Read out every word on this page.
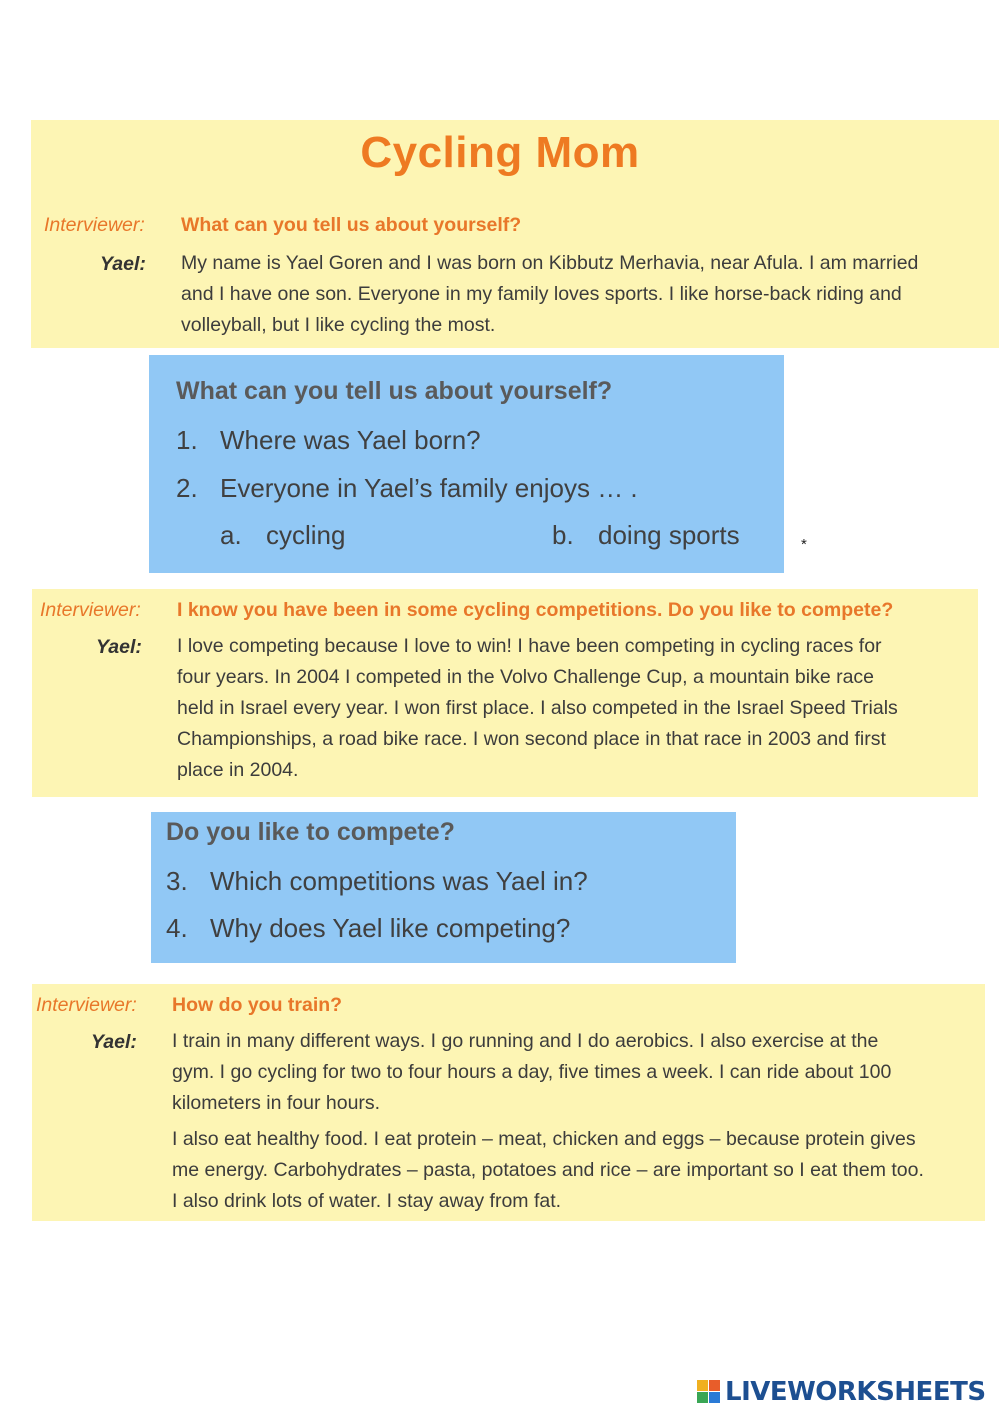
Cycling Mom
Interviewer: What can you tell us about yourself?
Yael: My name is Yael Goren and I was born on Kibbutz Merhavia, near Afula. I am married

and I have one son. Everyone in my family loves sports. I like horse-back riding and

volleyball, but I like cycling the most.

What can you tell us about yourself?
1. Where was Yael born?
2. Everyone in Yael’s family enjoys … .
a. cycling	b. doing sports	*
Interviewer: I know you have been in some cycling competitions. Do you like to compete?
Yael: I love competing because I love to win! I have been competing in cycling races for

four years. In 2004 I competed in the Volvo Challenge Cup, a mountain bike race

held in Israel every year. I won first place. I also competed in the Israel Speed Trials

Championships, a road bike race. I won second place in that race in 2003 and first

place in 2004.

Do you like to compete?
3. Which competitions was Yael in?
4. Why does Yael like competing?
Interviewer: How do you train?
Yael: I train in many different ways. I go running and I do aerobics. I also exercise at the

gym. I go cycling for two to four hours a day, five times a week. I can ride about 100

kilometers in four hours.

I also eat healthy food. I eat protein – meat, chicken and eggs – because protein gives

me energy. Carbohydrates – pasta, potatoes and rice – are important so I eat them too.

I also drink lots of water. I stay away from fat.

LIVEWORKSHEETS
